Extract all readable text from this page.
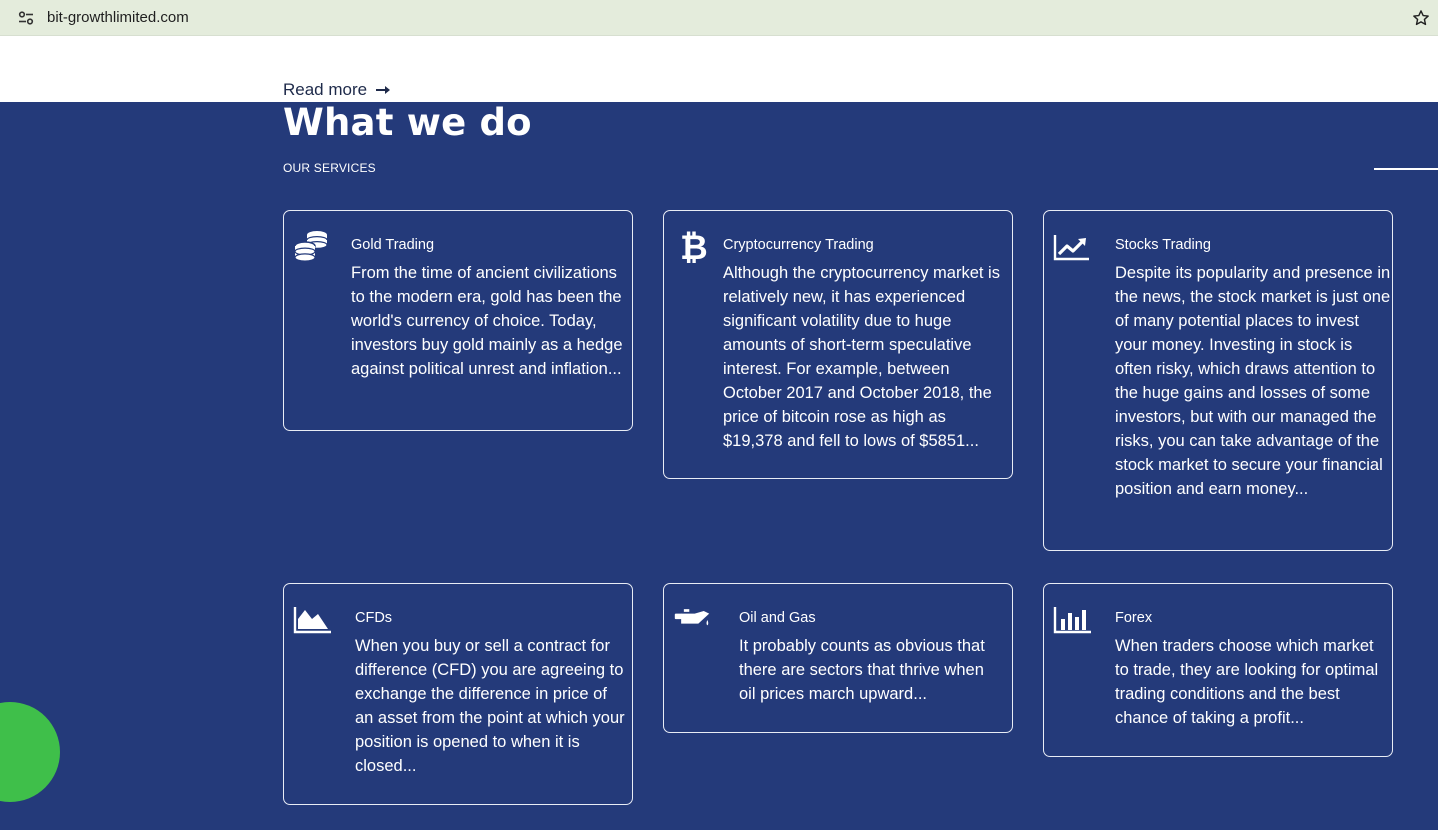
bit-growthlimited.com
Read more
What we do
OUR SERVICES
Gold Trading
From the time of ancient civilizations to the modern era, gold has been the world's currency of choice. Today, investors buy gold mainly as a hedge against political unrest and inflation...
₿ Cryptocurrency Trading
Although the cryptocurrency market is relatively new, it has experienced significant volatility due to huge amounts of short-term speculative interest. For example, between October 2017 and October 2018, the price of bitcoin rose as high as $19,378 and fell to lows of $5851...
Stocks Trading
Despite its popularity and presence in the news, the stock market is just one of many potential places to invest your money. Investing in stock is often risky, which draws attention to the huge gains and losses of some investors, but with our managed the risks, you can take advantage of the stock market to secure your financial position and earn money...
CFDs
When you buy or sell a contract for difference (CFD) you are agreeing to exchange the difference in price of an asset from the point at which your position is opened to when it is closed...
Oil and Gas
It probably counts as obvious that there are sectors that thrive when oil prices march upward...
Forex
When traders choose which market to trade, they are looking for optimal trading conditions and the best chance of taking a profit...
